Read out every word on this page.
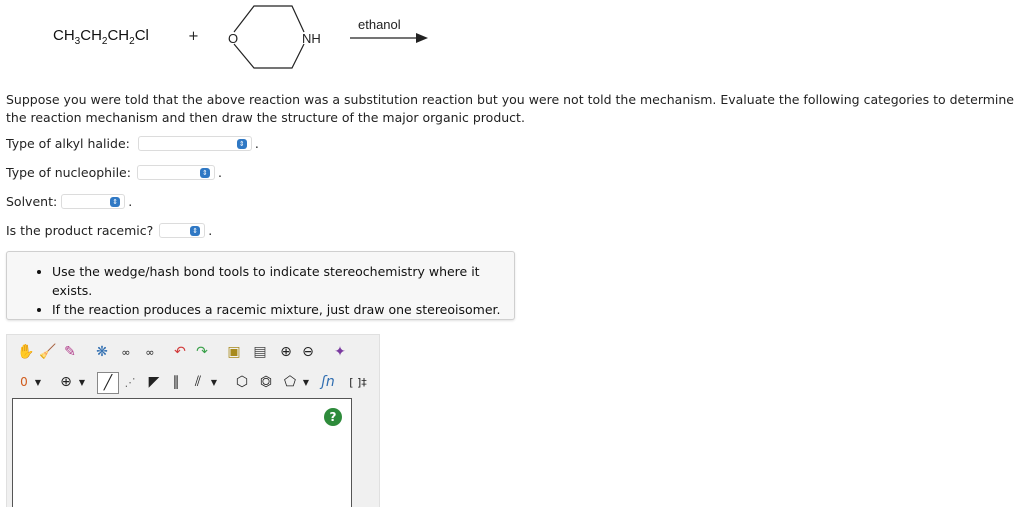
$CH_3CH_2CH_2Cl$	+ O	NH
ethanol
Suppose you were told that the above reaction was a substitution reaction but you were not told the mechanism. Evaluate the following categories to determine the reaction mechanism and then draw the structure of the major organic product.
Type of alkyl halide:	⇕ .
Type of nucleophile:	⇕ .
Solvent:	⇕ .
Is the product racemic?	⇕ .
• Use the wedge/hash bond tools to indicate stereochemistry where it exists.
• If the reaction produces a racemic mixture, just draw one stereoisomer.
✋ 🧹 ✎ ❋	∞	∞	↶ ↷ ▣ ▤ ⊕ ⊖ ✦
0 ▼	⊕ ▼	╱	⋰ ◤ ∥	⫽	▼	⬡ ⏣ ⬠ ▼ ʃn	[ ]‡
?
